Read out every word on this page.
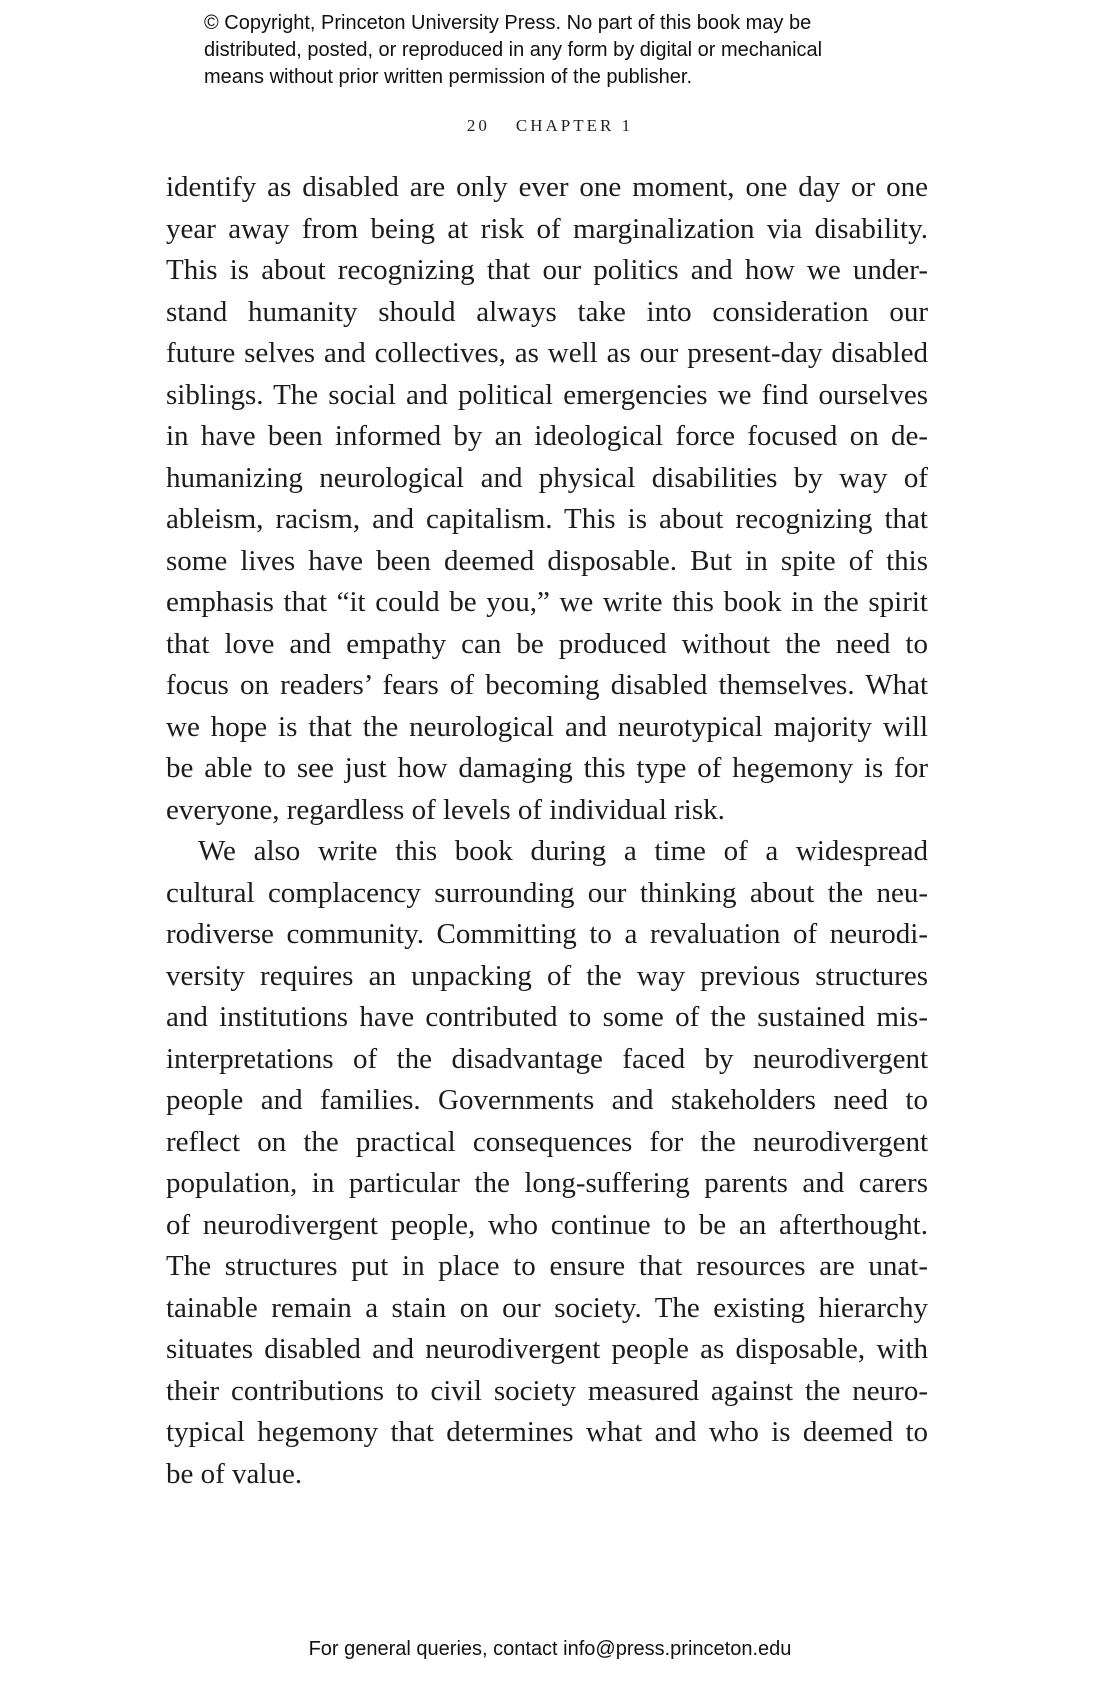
© Copyright, Princeton University Press. No part of this book may be
distributed, posted, or reproduced in any form by digital or mechanical
means without prior written permission of the publisher.
20 CHAPTER 1
identify as disabled are only ever one moment, one day or one
year away from being at risk of marginalization via disability.
This is about recognizing that our politics and how we under-
stand humanity should always take into consideration our
future selves and collectives, as well as our present-day disabled
siblings. The social and political emergencies we find ourselves
in have been informed by an ideological force focused on de-
humanizing neurological and physical disabilities by way of
ableism, racism, and capitalism. This is about recognizing that
some lives have been deemed disposable. But in spite of this
emphasis that “it could be you,” we write this book in the spirit
that love and empathy can be produced without the need to
focus on readers’ fears of becoming disabled themselves. What
we hope is that the neurological and neurotypical majority will
be able to see just how damaging this type of hegemony is for
everyone, regardless of levels of individual risk.
We also write this book during a time of a widespread
cultural complacency surrounding our thinking about the neu-
rodiverse community. Committing to a revaluation of neurodi-
versity requires an unpacking of the way previous structures
and institutions have contributed to some of the sustained mis-
interpretations of the disadvantage faced by neurodivergent
people and families. Governments and stakeholders need to
reflect on the practical consequences for the neurodivergent
population, in particular the long-suffering parents and carers
of neurodivergent people, who continue to be an afterthought.
The structures put in place to ensure that resources are unat-
tainable remain a stain on our society. The existing hierarchy
situates disabled and neurodivergent people as disposable, with
their contributions to civil society measured against the neuro-
typical hegemony that determines what and who is deemed to
be of value.
For general queries, contact info@press.princeton.edu
